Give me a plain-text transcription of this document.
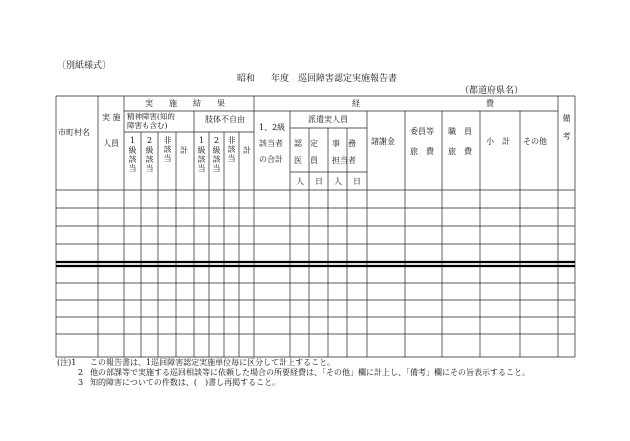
〔別紙様式〕
昭和 年度 巡回障害認定実施報告書
（都道府県名）
市町村名
実 施
人員
実　　施　　結　　果	経	費
精神障害(知的
障害も含む)
肢体不自由
1級該当 2級該当 非該当 計 1級該当 2級該当 非該当 計
1、2級
該当者
の合計
派遣実人員
認　定
医　員
事　務
担当者
人 日 人 日
諸謝金
委員等
旅　費
職　員
旅　費
小　計 その他 備考
(注)1 この報告書は、1巡回障害認定実施単位毎に区分して計上すること。
2 他の部課等で実施する巡回相談等に依頼した場合の所要経費は、「その他」欄に計上し、「備考」欄にその旨表示すること。
3 知的障害についての件数は、(　)書し再掲すること。
